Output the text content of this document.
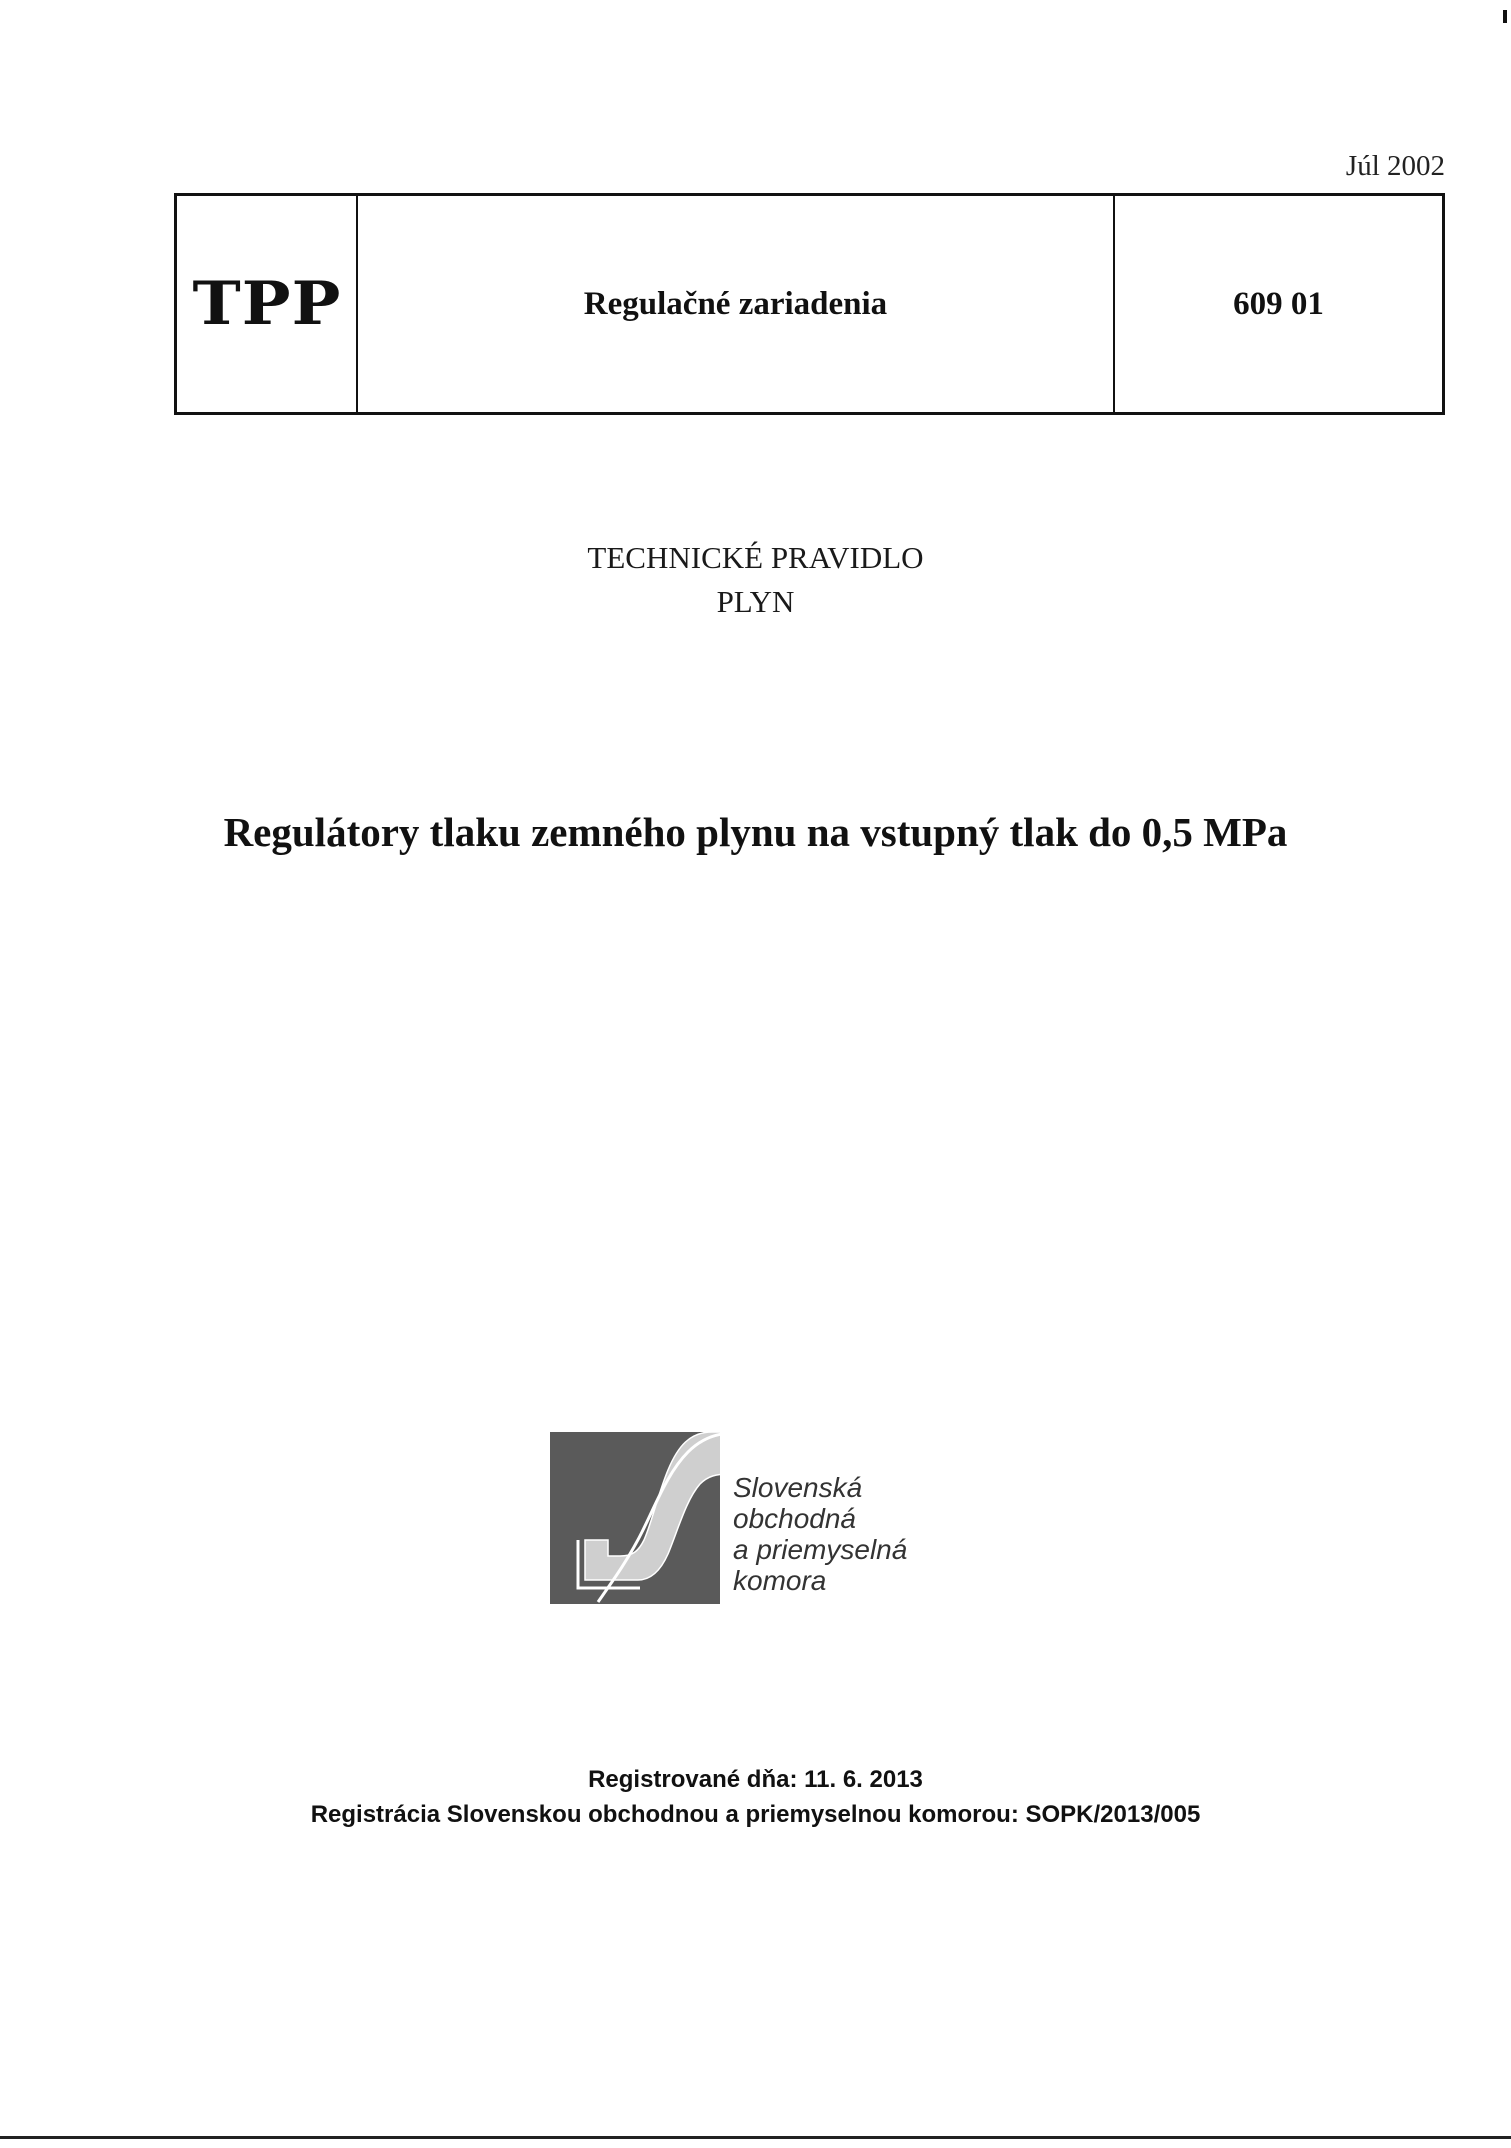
Júl 2002
TPP	Regulačné zariadenia	609 01
TECHNICKÉ PRAVIDLO
PLYN
Regulátory tlaku zemného plynu na vstupný tlak do 0,5 MPa
Slovenská
obchodná
a priemyselná
komora
Registrované dňa: 11. 6. 2013
Registrácia Slovenskou obchodnou a priemyselnou komorou: SOPK/2013/005
